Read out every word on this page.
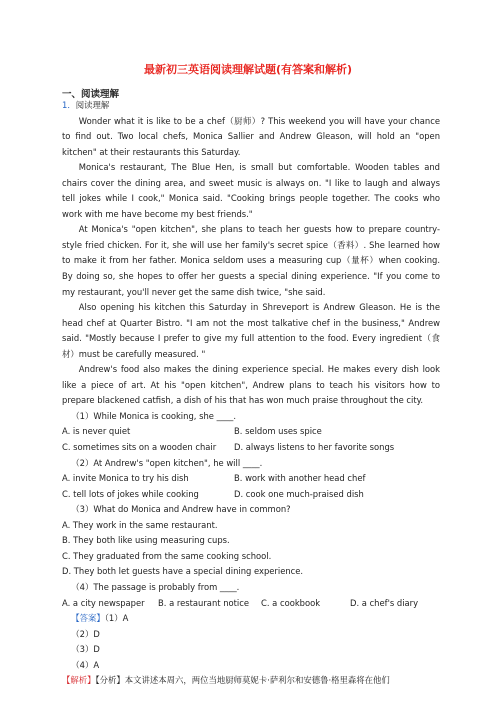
最新初三英语阅读理解试题(有答案和解析)
一、阅读理解
1．阅读理解
Wonder what it is like to be a chef（厨师）? This weekend you will have your chance to find out. Two local chefs, Monica Sallier and Andrew Gleason, will hold an "open kitchen" at their restaurants this Saturday.
Monica's restaurant, The Blue Hen, is small but comfortable. Wooden tables and chairs cover the dining area, and sweet music is always on. "I like to laugh and always tell jokes while I cook," Monica said. "Cooking brings people together. The cooks who work with me have become my best friends."
At Monica's "open kitchen", she plans to teach her guests how to prepare country-style fried chicken. For it, she will use her family's secret spice（香料）. She learned how to make it from her father. Monica seldom uses a measuring cup（量杯）when cooking. By doing so, she hopes to offer her guests a special dining experience. "If you come to my restaurant, you'll never get the same dish twice, "she said.
Also opening his kitchen this Saturday in Shreveport is Andrew Gleason. He is the head chef at Quarter Bistro. "I am not the most talkative chef in the business," Andrew said. "Mostly because I prefer to give my full attention to the food. Every ingredient（食材）must be carefully measured. "
Andrew's food also makes the dining experience special. He makes every dish look like a piece of art. At his "open kitchen", Andrew plans to teach his visitors how to prepare blackened catfish, a dish of his that has won much praise throughout the city.
（1）While Monica is cooking, she ____.
A. is never quiet	B. seldom uses spice
C. sometimes sits on a wooden chair	D. always listens to her favorite songs
（2）At Andrew's "open kitchen", he will ____.
A. invite Monica to try his dish	B. work with another head chef
C. tell lots of jokes while cooking	D. cook one much-praised dish
（3）What do Monica and Andrew have in common?
A. They work in the same restaurant.
B. They both like using measuring cups.
C. They graduated from the same cooking school.
D. They both let guests have a special dining experience.
（4）The passage is probably from ____.
A. a city newspaper	B. a restaurant notice	C. a cookbook	D. a chef's diary
【答案】（1）A
（2）D
（3）D
（4）A
【解析】【分析】本文讲述本周六，两位当地厨师莫妮卡·萨利尔和安德鲁·格里森将在他们
